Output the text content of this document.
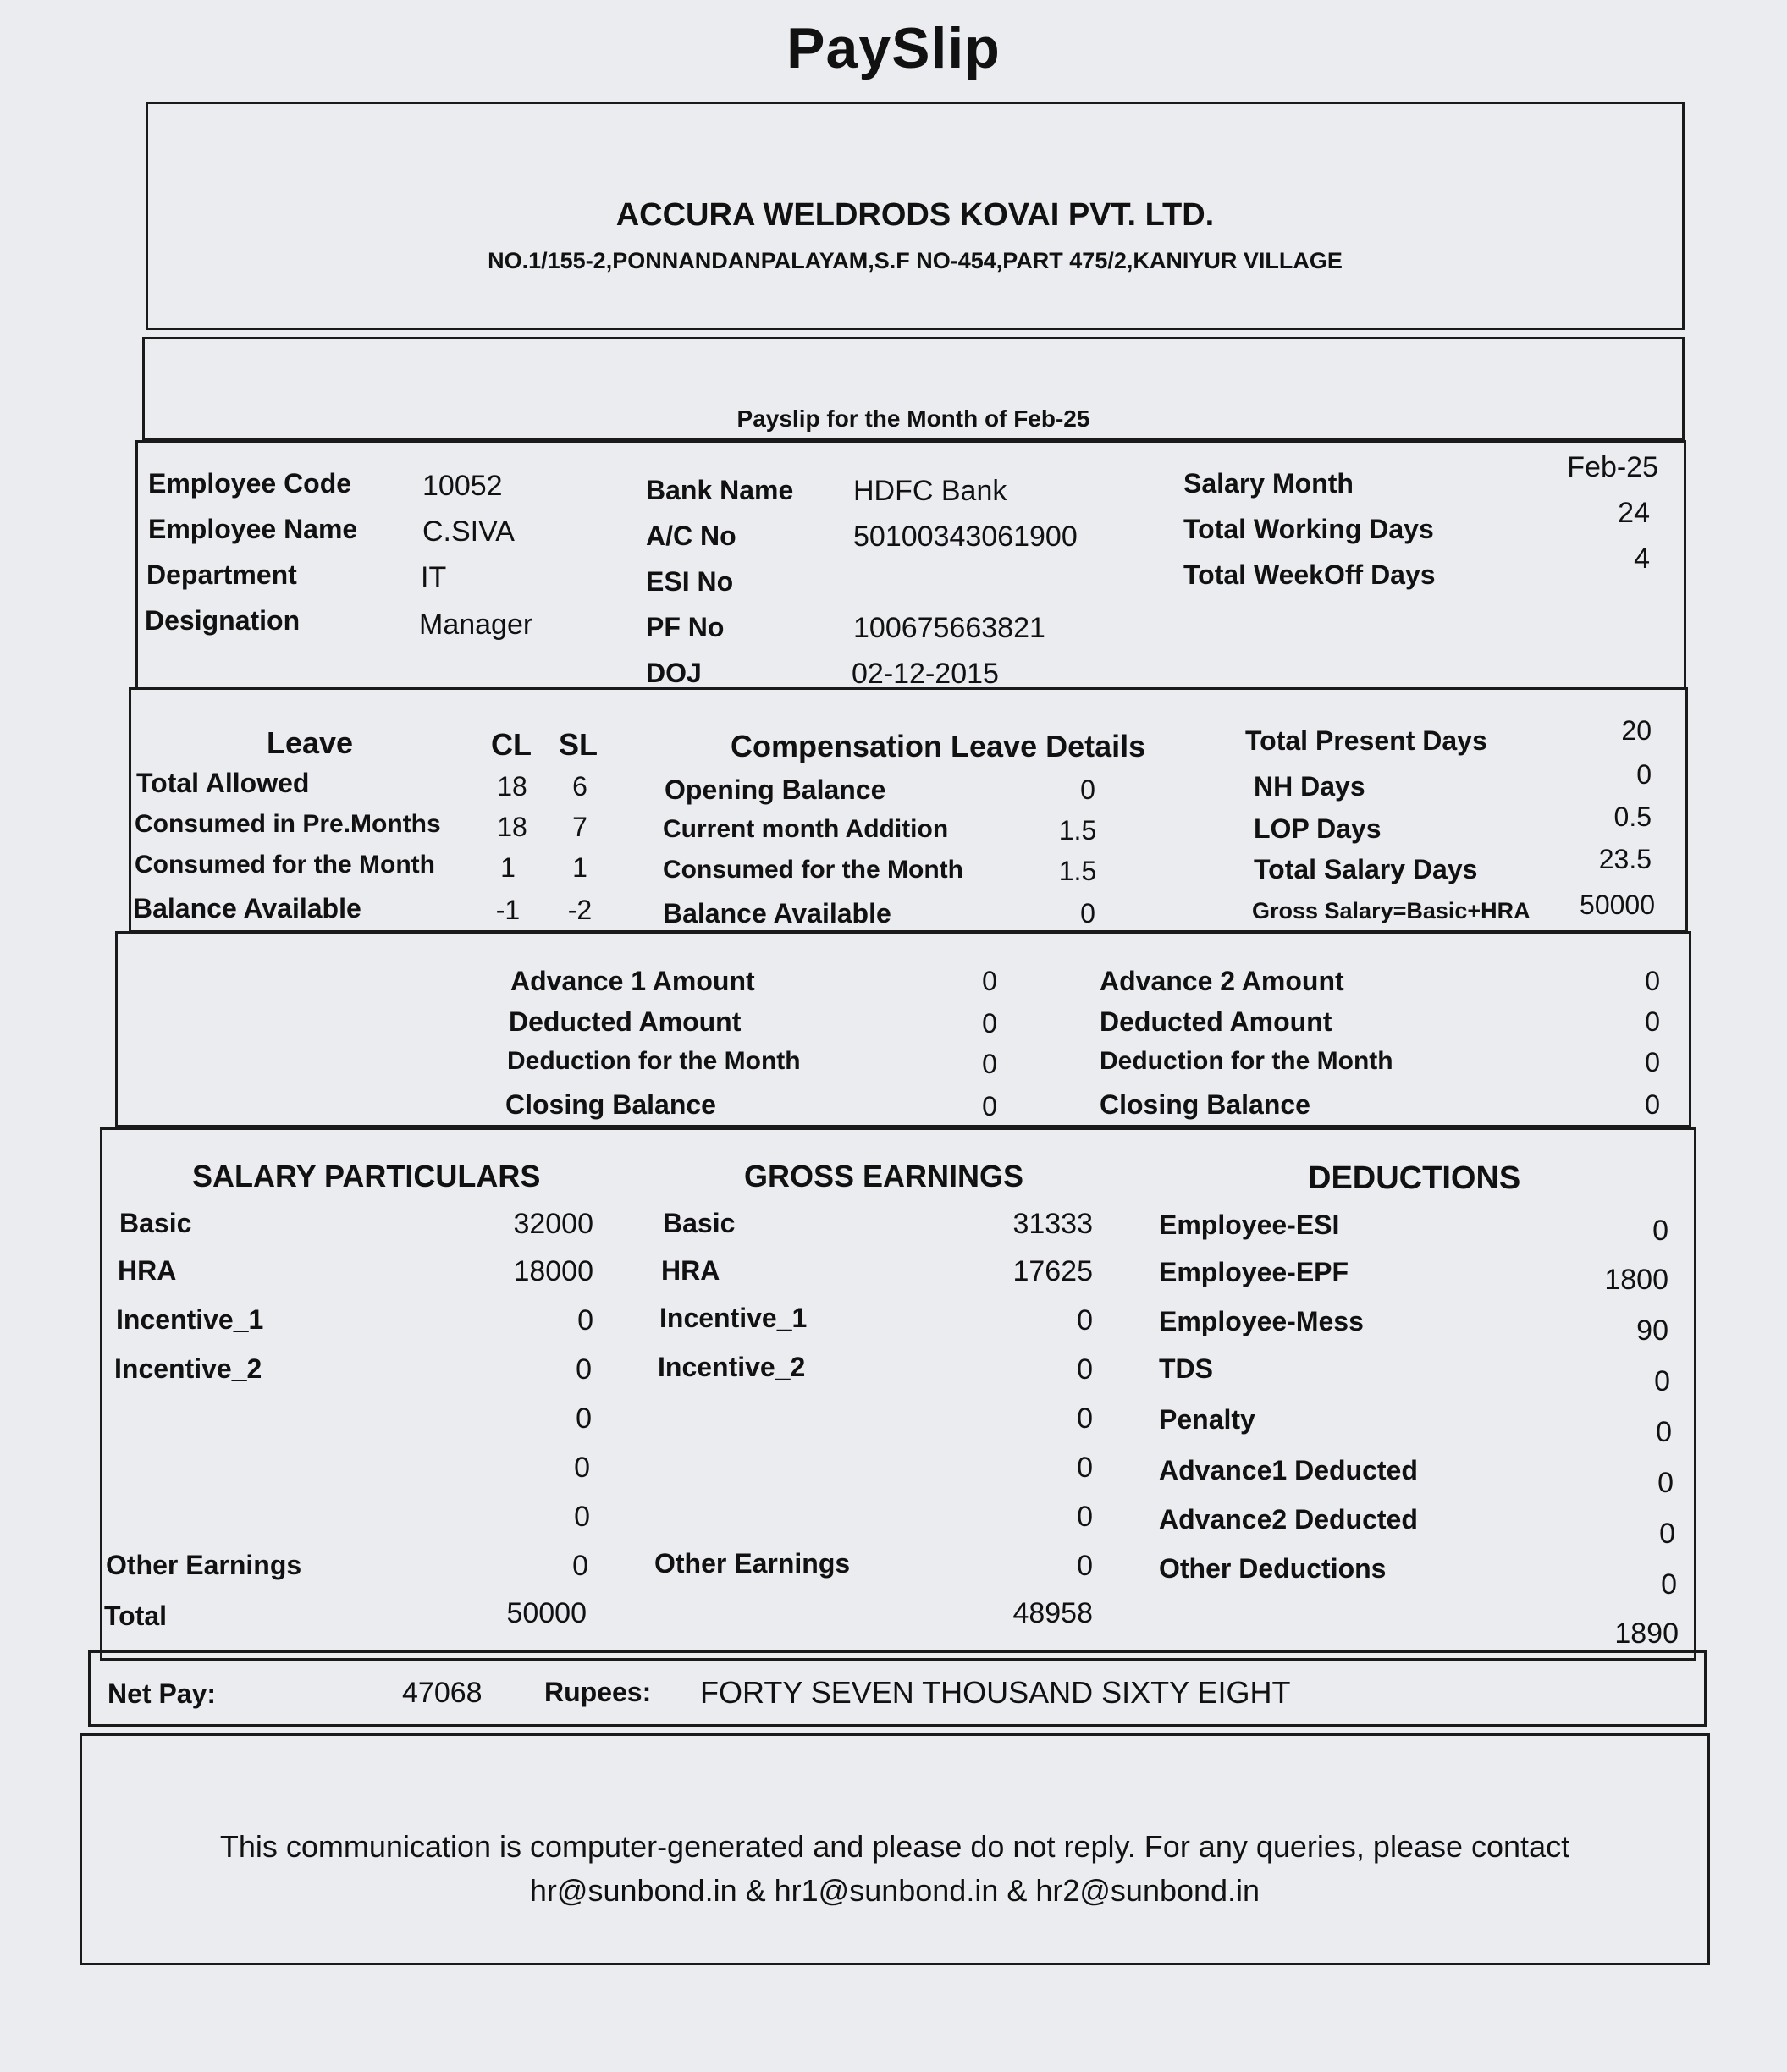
PaySlip
ACCURA WELDRODS KOVAI PVT. LTD.
NO.1/155-2,PONNANDANPALAYAM,S.F NO-454,PART 475/2,KANIYUR VILLAGE
Payslip for the Month of Feb-25
Employee Code 10052
Employee Name C.SIVA
Department	IT
Designation	Manager
Bank Name HDFC Bank
A/C No	50100343061900
ESI No
PF No	100675663821
DOJ	02-12-2015
Salary Month	Feb-25
Total Working Days	24
Total WeekOff Days	4
Leave	CL SL
Total Allowed	18	6
Consumed in Pre.Months	18	7
Consumed for the Month	1	1
Balance Available	-1	-2
Compensation Leave Details
Opening Balance	0
Current month Addition	1.5
Consumed for the Month	1.5
Balance Available	0
Total Present Days	20
NH Days	0
LOP Days	0.5
Total Salary Days	23.5
Gross Salary=Basic+HRA 50000
Advance 1 Amount	0
Deducted Amount	0
Deduction for the Month	0
Closing Balance	0
Advance 2 Amount	0
Deducted Amount	0
Deduction for the Month	0
Closing Balance	0
SALARY PARTICULARS	GROSS EARNINGS	DEDUCTIONS
Basic	32000
HRA	18000
Incentive_1	0
Incentive_2	0
0
0
0
Other Earnings	0
Total	50000
Basic	31333
HRA	17625
Incentive_1	0
Incentive_2	0
0
0
0
Other Earnings	0
48958
Employee-ESI	0
Employee-EPF	1800
Employee-Mess	90
TDS	0
Penalty	0
Advance1 Deducted	0
Advance2 Deducted	0
Other Deductions	0
1890
Net Pay:	47068 Rupees: FORTY SEVEN THOUSAND SIXTY EIGHT
This communication is computer-generated and please do not reply. For any queries, please contact
hr@sunbond.in & hr1@sunbond.in & hr2@sunbond.in
